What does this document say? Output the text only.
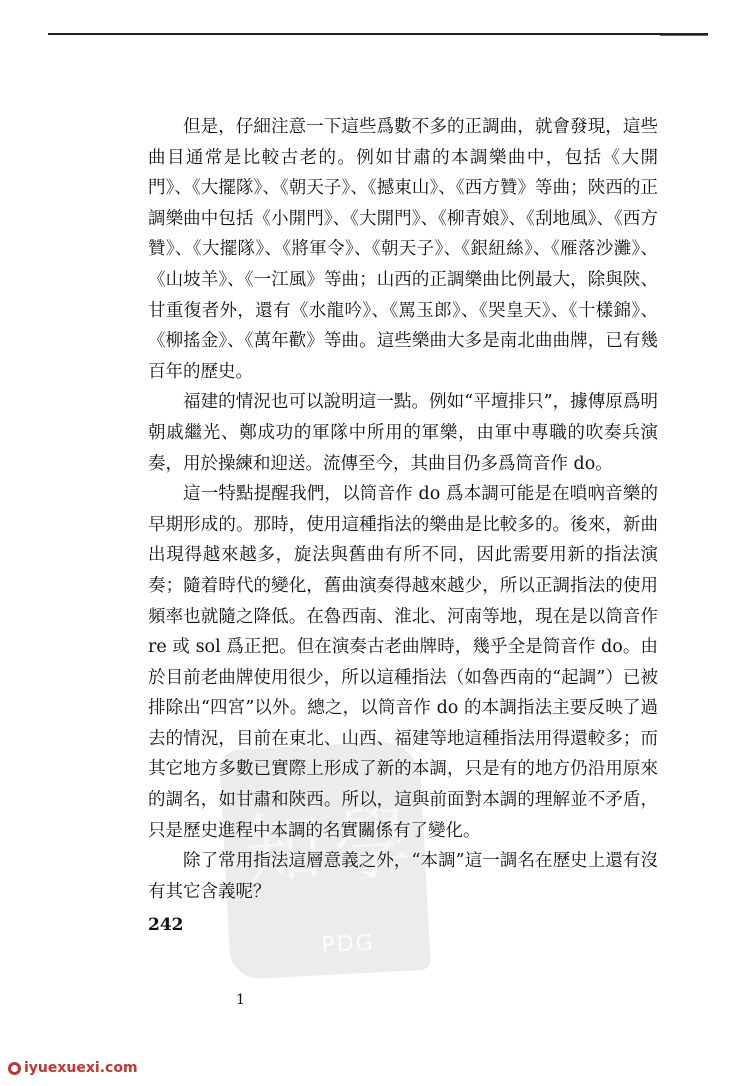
知 學
PDG

但是，仔細注意一下這些爲數不多的正調曲，就會發現，這些曲目通常是比較古老的。例如甘肅的本調樂曲中，包括《大開門》、《大擺隊》、《朝天子》、《撼東山》、《西方贊》等曲；陝西的正調樂曲中包括《小開門》、《大開門》、《柳青娘》、《刮地風》、《西方贊》、《大擺隊》、《將軍令》、《朝天子》、《銀紐絲》、《雁落沙灘》、《山坡羊》、《一江風》等曲；山西的正調樂曲比例最大，除與陝、甘重復者外，還有《水龍吟》、《罵玉郎》、《哭皇天》、《十樣錦》、《柳搖金》、《萬年歡》等曲。這些樂曲大多是南北曲曲牌，已有幾百年的歷史。

福建的情況也可以說明這一點。例如“平壇排只”，據傳原爲明朝戚繼光、鄭成功的軍隊中所用的軍樂，由軍中專職的吹奏兵演奏，用於操練和迎送。流傳至今，其曲目仍多爲筒音作 do。

這一特點提醒我們，以筒音作 do 爲本調可能是在嗩吶音樂的早期形成的。那時，使用這種指法的樂曲是比較多的。後來，新曲出現得越來越多，旋法與舊曲有所不同，因此需要用新的指法演奏；隨着時代的變化，舊曲演奏得越來越少，所以正調指法的使用頻率也就隨之降低。在魯西南、淮北、河南等地，現在是以筒音作 re 或 sol 爲正把。但在演奏古老曲牌時，幾乎全是筒音作 do。由於目前老曲牌使用很少，所以這種指法（如魯西南的“起調”）已被排除出“四宮”以外。總之，以筒音作 do 的本調指法主要反映了過去的情況，目前在東北、山西、福建等地這種指法用得還較多；而其它地方多數已實際上形成了新的本調，只是有的地方仍沿用原來的調名，如甘肅和陝西。所以，這與前面對本調的理解並不矛盾，只是歷史進程中本調的名實關係有了變化。

除了常用指法這層意義之外，“本調”這一調名在歷史上還有沒有其它含義呢？

242
1
iyuexuexi.com
